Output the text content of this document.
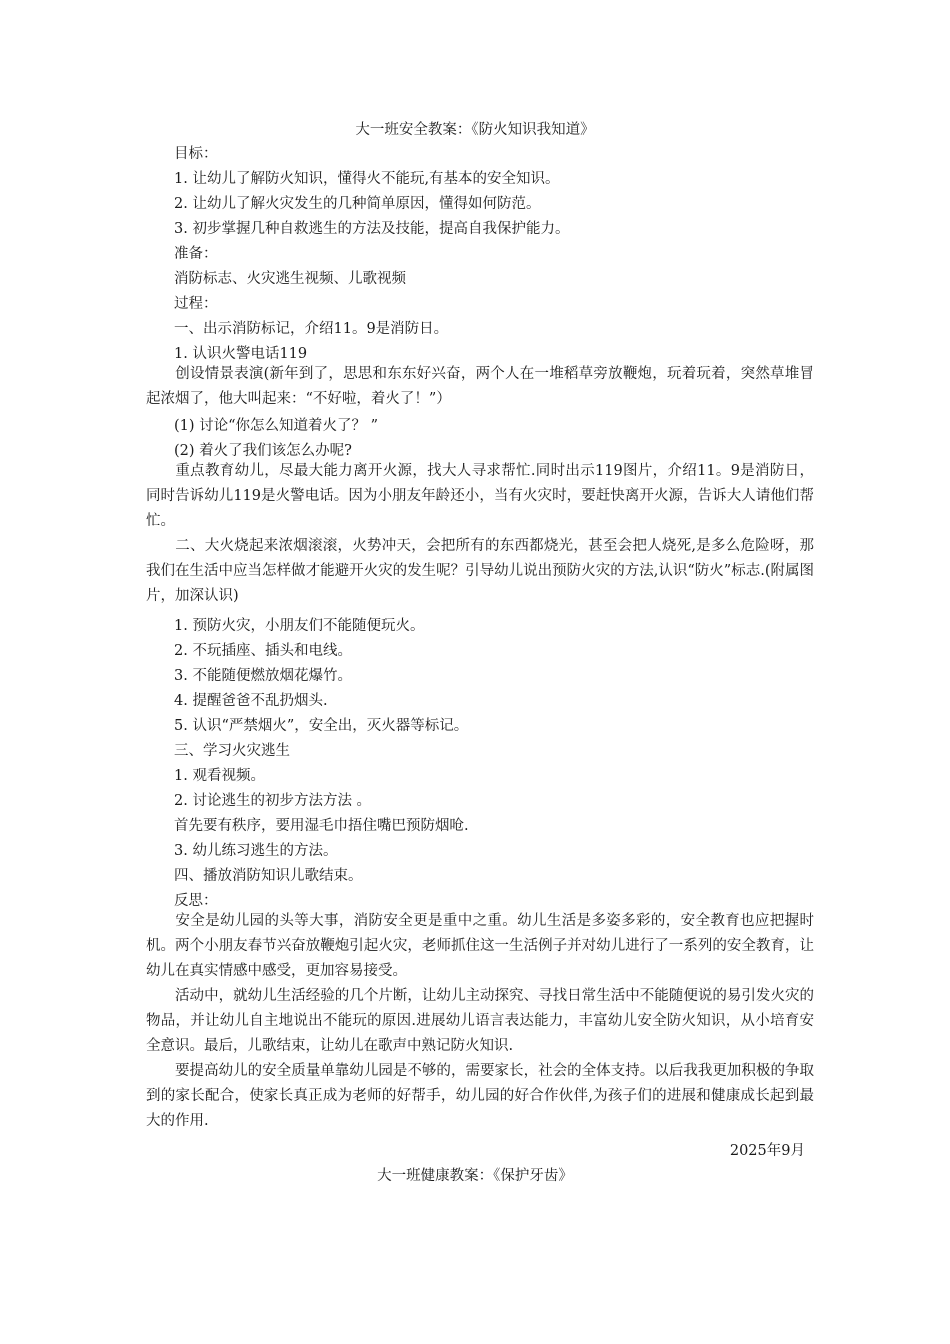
大一班安全教案：《防火知识我知道》
目标：
1. 让幼儿了解防火知识，懂得火不能玩,有基本的安全知识。
2. 让幼儿了解火灾发生的几种简单原因，懂得如何防范。
3. 初步掌握几种自救逃生的方法及技能，提高自我保护能力。
准备：
消防标志、火灾逃生视频、儿歌视频
过程：
一、出示消防标记，介绍11。9是消防日。
1. 认识火警电话119
创设情景表演(新年到了，思思和东东好兴奋，两个人在一堆稻草旁放鞭炮，玩着玩着，突然草堆冒起浓烟了，他大叫起来：“不好啦，着火了！”）
(1) 讨论“你怎么知道着火了？ ”
(2) 着火了我们该怎么办呢?
重点教育幼儿，尽最大能力离开火源，找大人寻求帮忙.同时出示119图片，介绍11。9是消防日，同时告诉幼儿119是火警电话。因为小朋友年龄还小，当有火灾时，要赶快离开火源，告诉大人请他们帮忙。
二、大火烧起来浓烟滚滚，火势冲天，会把所有的东西都烧光，甚至会把人烧死,是多么危险呀，那我们在生活中应当怎样做才能避开火灾的发生呢？引导幼儿说出预防火灾的方法,认识“防火”标志.(附属图片，加深认识)
1. 预防火灾，小朋友们不能随便玩火。
2. 不玩插座、插头和电线。
3. 不能随便燃放烟花爆竹。
4. 提醒爸爸不乱扔烟头.
5. 认识“严禁烟火”，安全出，灭火器等标记。
三、学习火灾逃生
1. 观看视频。
2. 讨论逃生的初步方法方法 。
首先要有秩序，要用湿毛巾捂住嘴巴预防烟呛.
3. 幼儿练习逃生的方法。
四、播放消防知识儿歌结束。
反思：
安全是幼儿园的头等大事，消防安全更是重中之重。幼儿生活是多姿多彩的，安全教育也应把握时机。两个小朋友春节兴奋放鞭炮引起火灾，老师抓住这一生活例子并对幼儿进行了一系列的安全教育，让幼儿在真实情感中感受，更加容易接受。
活动中，就幼儿生活经验的几个片断，让幼儿主动探究、寻找日常生活中不能随便说的易引发火灾的物品，并让幼儿自主地说出不能玩的原因.进展幼儿语言表达能力，丰富幼儿安全防火知识，从小培育安全意识。最后，儿歌结束，让幼儿在歌声中熟记防火知识.
要提高幼儿的安全质量单靠幼儿园是不够的，需要家长，社会的全体支持。以后我我更加积极的争取到的家长配合，使家长真正成为老师的好帮手，幼儿园的好合作伙伴,为孩子们的进展和健康成长起到最大的作用.
2025年9月
大一班健康教案：《保护牙齿》
